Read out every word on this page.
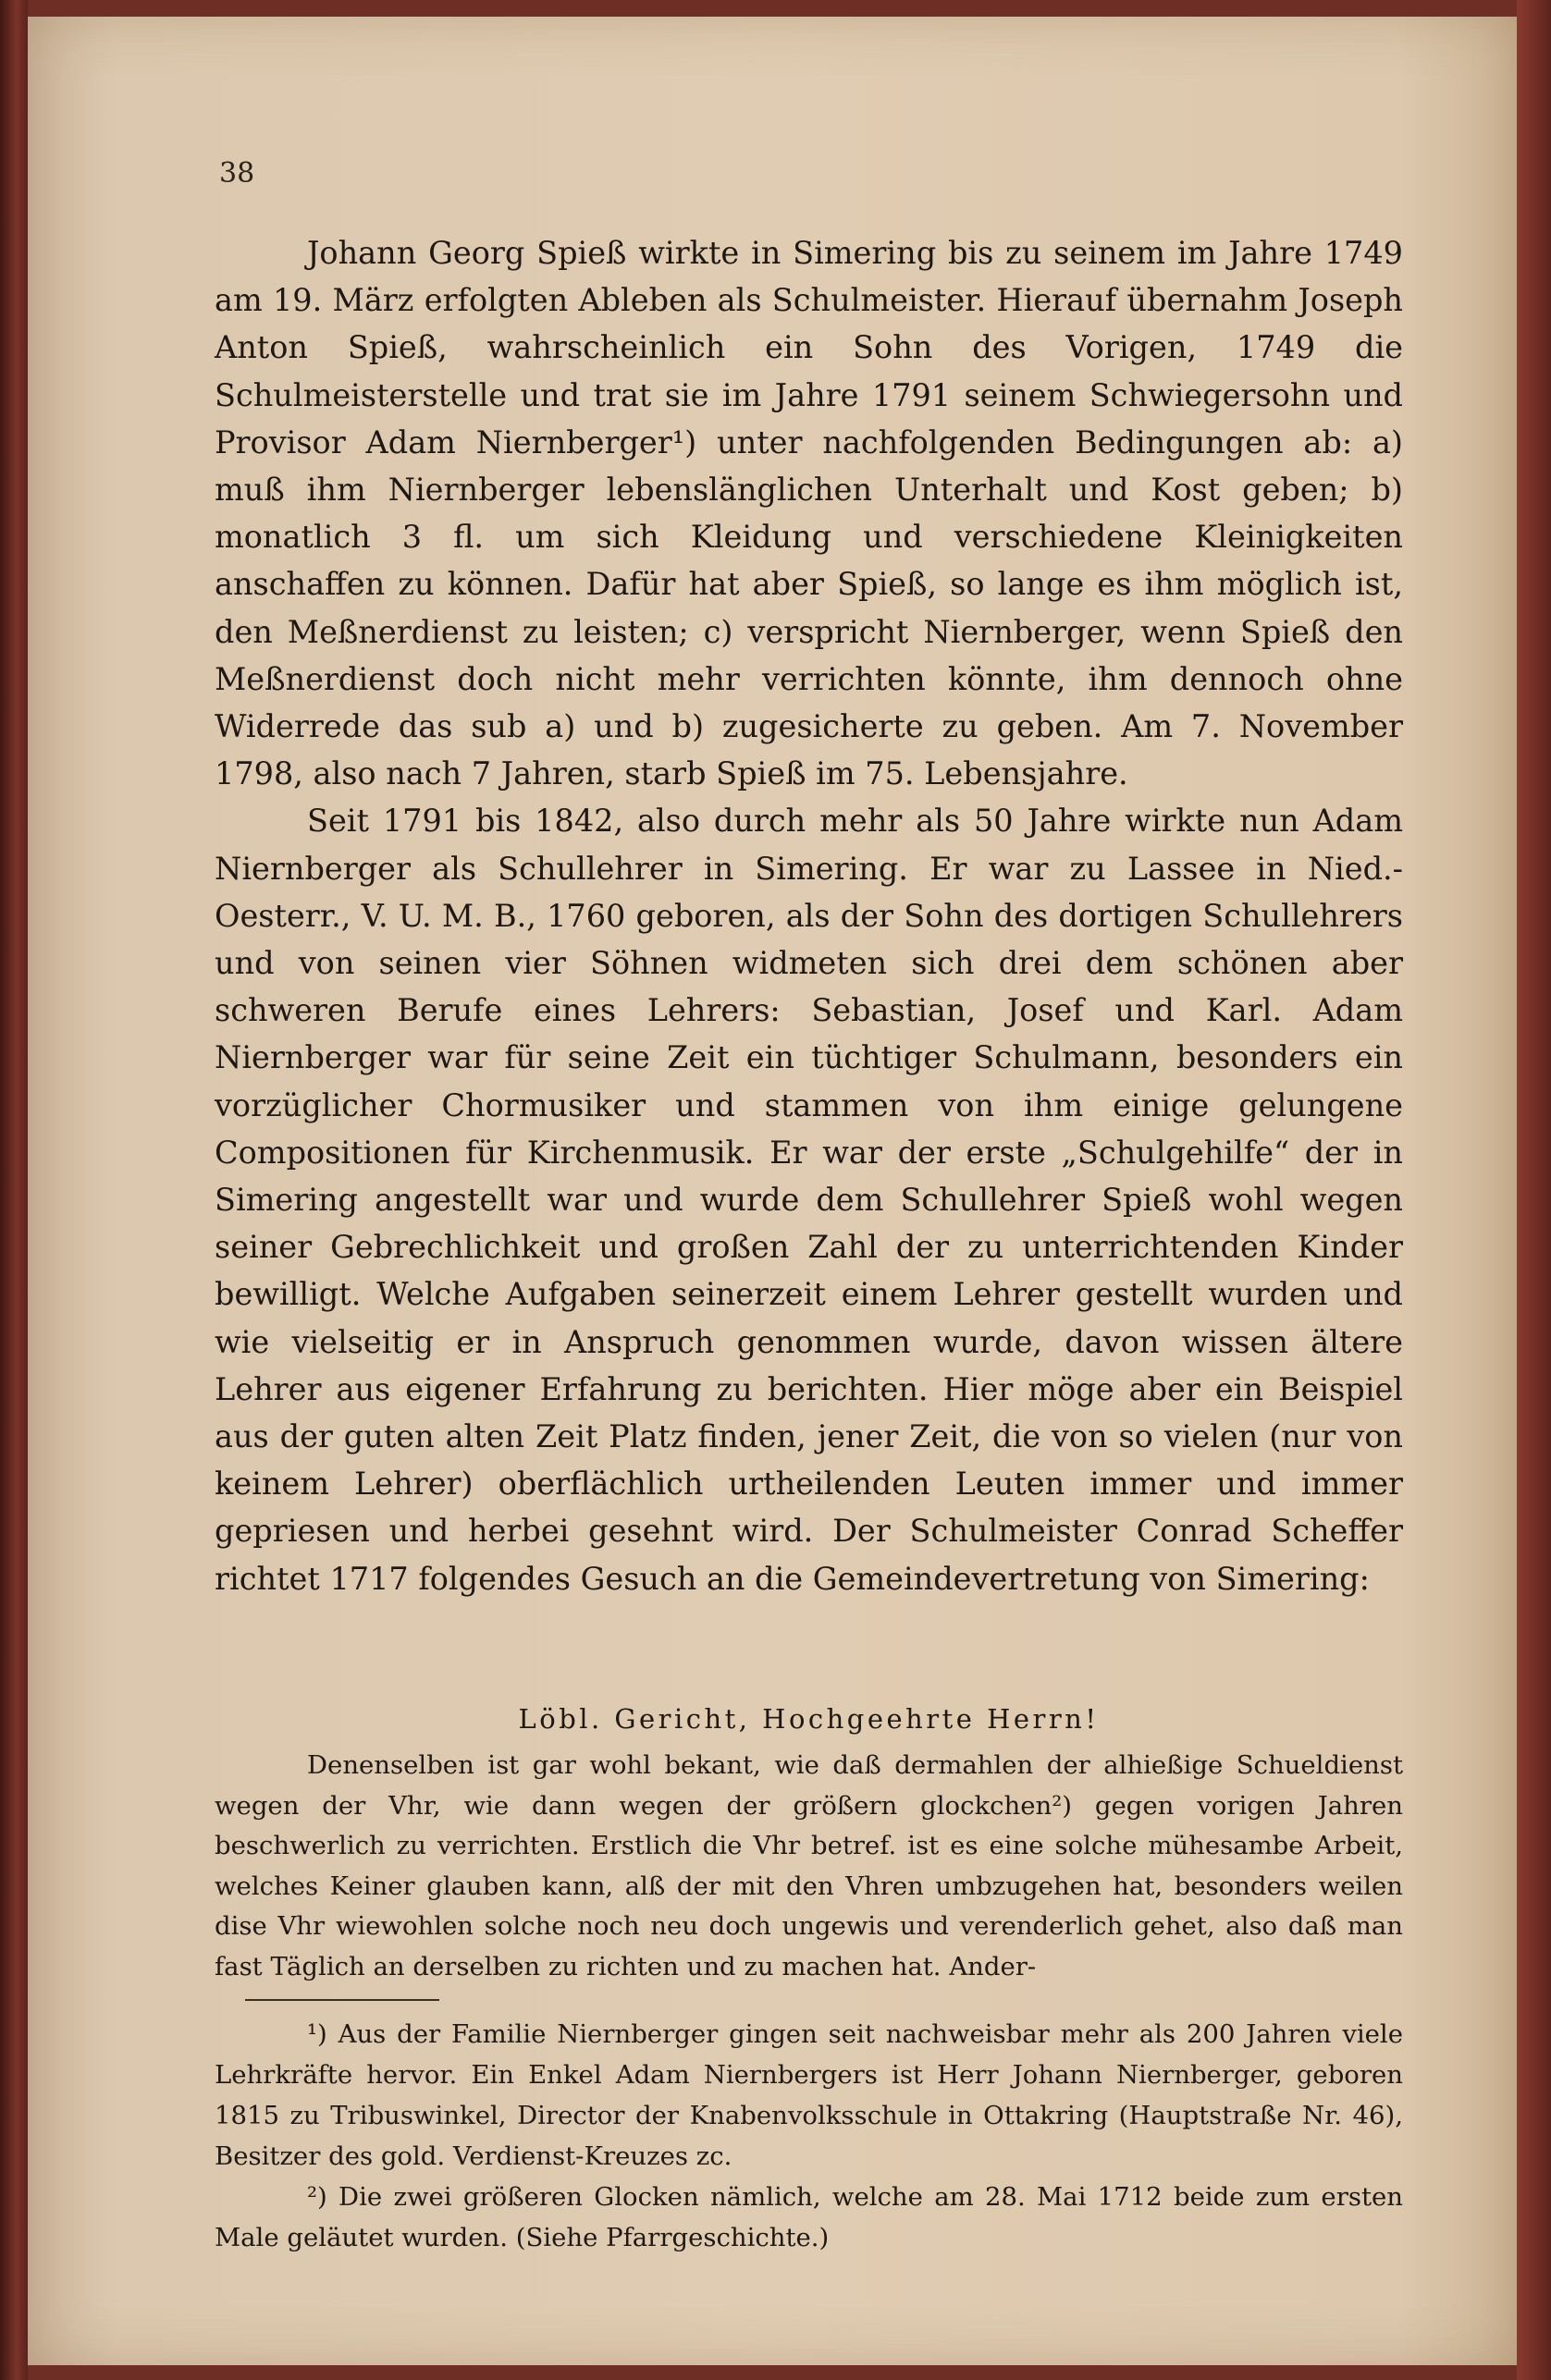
38

Johann Georg Spieß wirkte in Simering bis zu seinem im Jahre 1749 am 19. März erfolgten Ableben als Schulmeister. Hierauf übernahm Joseph Anton Spieß, wahrscheinlich ein Sohn des Vorigen, 1749 die Schulmeisterstelle und trat sie im Jahre 1791 seinem Schwiegersohn und Provisor Adam Niernberger¹) unter nachfolgenden Bedingungen ab: a) muß ihm Niernberger lebenslänglichen Unterhalt und Kost geben; b) monatlich 3 fl. um sich Kleidung und verschiedene Kleinigkeiten anschaffen zu können. Dafür hat aber Spieß, so lange es ihm möglich ist, den Meßnerdienst zu leisten; c) verspricht Niernberger, wenn Spieß den Meßnerdienst doch nicht mehr verrichten könnte, ihm dennoch ohne Widerrede das sub a) und b) zugesicherte zu geben. Am 7. November 1798, also nach 7 Jahren, starb Spieß im 75. Lebensjahre.

Seit 1791 bis 1842, also durch mehr als 50 Jahre wirkte nun Adam Niernberger als Schullehrer in Simering. Er war zu Lassee in Nied.-Oesterr., V. U. M. B., 1760 geboren, als der Sohn des dortigen Schullehrers und von seinen vier Söhnen widmeten sich drei dem schönen aber schweren Berufe eines Lehrers: Sebastian, Josef und Karl. Adam Niernberger war für seine Zeit ein tüchtiger Schulmann, besonders ein vorzüglicher Chormusiker und stammen von ihm einige gelungene Compositionen für Kirchenmusik. Er war der erste „Schulgehilfe“ der in Simering angestellt war und wurde dem Schullehrer Spieß wohl wegen seiner Gebrechlichkeit und großen Zahl der zu unterrichtenden Kinder bewilligt. Welche Aufgaben seinerzeit einem Lehrer gestellt wurden und wie vielseitig er in Anspruch genommen wurde, davon wissen ältere Lehrer aus eigener Erfahrung zu berichten. Hier möge aber ein Beispiel aus der guten alten Zeit Platz finden, jener Zeit, die von so vielen (nur von keinem Lehrer) oberflächlich urtheilenden Leuten immer und immer gepriesen und herbei gesehnt wird. Der Schulmeister Conrad Scheffer richtet 1717 folgendes Gesuch an die Gemeindevertretung von Simering:

Löbl. Gericht, Hochgeehrte Herrn!

Denenselben ist gar wohl bekant, wie daß dermahlen der alhießige Schueldienst wegen der Vhr, wie dann wegen der größern glockchen²) gegen vorigen Jahren beschwerlich zu verrichten. Erstlich die Vhr betref. ist es eine solche mühesambe Arbeit, welches Keiner glauben kann, alß der mit den Vhren umbzugehen hat, besonders weilen dise Vhr wiewohlen solche noch neu doch ungewis und verenderlich gehet, also daß man fast Täglich an derselben zu richten und zu machen hat. Ander-

¹) Aus der Familie Niernberger gingen seit nachweisbar mehr als 200 Jahren viele Lehrkräfte hervor. Ein Enkel Adam Niernbergers ist Herr Johann Niernberger, geboren 1815 zu Tribuswinkel, Director der Knabenvolksschule in Ottakring (Hauptstraße Nr. 46), Besitzer des gold. Verdienst-Kreuzes zc.

²) Die zwei größeren Glocken nämlich, welche am 28. Mai 1712 beide zum ersten Male geläutet wurden. (Siehe Pfarrgeschichte.)
